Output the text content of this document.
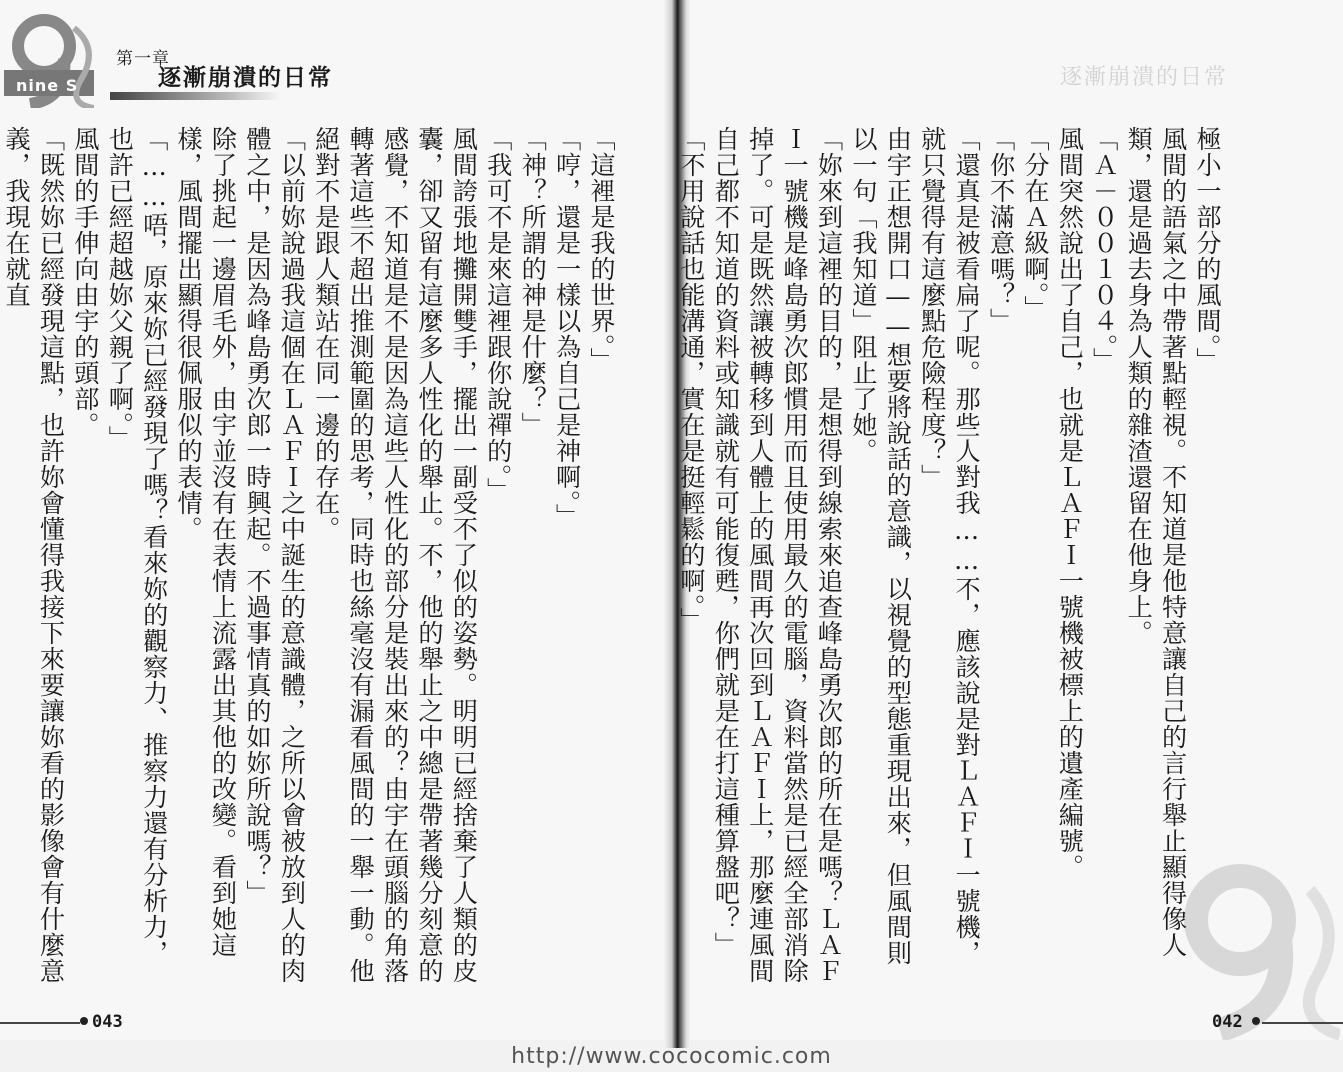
nine S
第一章
逐漸崩潰的日常	逐漸崩潰的日常

「這裡是我的世界。」

「哼，還是一樣以為自己是神啊。」

「神？所謂的神是什麼？」

「我可不是來這裡跟你說禪的。」

風間誇張地攤開雙手，擺出一副受不了似的姿勢。明明已經捨棄了人類的皮囊，卻又留有這麼多人性化的舉止。不，他的舉止之中總是帶著幾分刻意的感覺，不知道是不是因為這些人性化的部分是裝出來的？由宇在頭腦的角落轉著這些不超出推測範圍的思考，同時也絲毫沒有漏看風間的一舉一動。他絕對不是跟人類站在同一邊的存在。

「以前妳說過我這個在ＬＡＦＩ之中誕生的意識體，之所以會被放到人的肉體之中，是因為峰島勇次郎一時興起。不過事情真的如妳所說嗎？」

除了挑起一邊眉毛外，由宇並沒有在表情上流露出其他的改變。看到她這樣，風間擺出顯得很佩服似的表情。

「……唔，原來妳已經發現了嗎？看來妳的觀察力、推察力還有分析力，也許已經超越妳父親了啊。」

風間的手伸向由宇的頭部。

「既然妳已經發現這點，也許妳會懂得我接下來要讓妳看的影像會有什麼意義，我現在就直	極小一部分的風間。」

風間的語氣之中帶著點輕視。不知道是他特意讓自己的言行舉止顯得像人類，還是過去身為人類的雜渣還留在他身上。

「Ａ－００１０４。」

風間突然說出了自己，也就是ＬＡＦＩ一號機被標上的遺產編號。

「分在Ａ級啊。」

「你不滿意嗎？」

「還真是被看扁了呢。那些人對我……不，應該說是對ＬＡＦＩ一號機，就只覺得有這麼點危險程度？」

由宇正想開口——想要將說話的意識，以視覺的型態重現出來，但風間則以一句「我知道」阻止了她。

「妳來到這裡的目的，是想得到線索來追查峰島勇次郎的所在是嗎？ＬＡＦＩ一號機是峰島勇次郎慣用而且使用最久的電腦，資料當然是已經全部消除掉了。可是既然讓被轉移到人體上的風間再次回到ＬＡＦＩ上，那麼連風間自己都不知道的資料或知識就有可能復甦，你們就是在打這種算盤吧？」

「不用說話也能溝通，實在是挺輕鬆的啊。」

043	042
http://www.cococomic.com
